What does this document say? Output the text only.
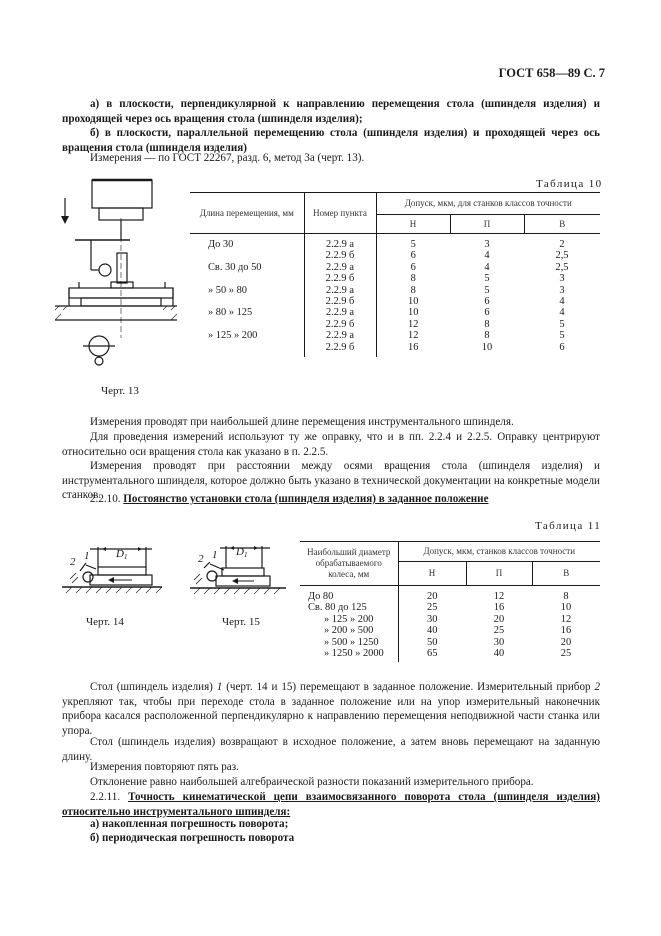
ГОСТ 658—89 С. 7

а) в плоскости, перпендикулярной к направлению перемещения стола (шпинделя изделия) и проходящей через ось вращения стола (шпинделя изделия);

б) в плоскости, параллельной перемещению стола (шпинделя изделия) и проходящей через ось вращения стола (шпинделя изделия)

Измерения — по ГОСТ 22267, разд. 6, метод 3а (черт. 13).

Черт. 13
Таблица 10
Длина перемещения, мм	Номер пункта	Допуск, мкм, для станков классов точности		
		Н	П	В
До 30	2.2.9 а	5	3	2
	2.2.9 б	6	4	2,5
Св. 30 до 50	2.2.9 а	6	4	2,5
	2.2.9 б	8	5	3
» 50 » 80	2.2.9 а	8	5	3
	2.2.9 б	10	6	4
» 80 » 125	2.2.9 а	10	6	4
	2.2.9 б	12	8	5
» 125 » 200	2.2.9 а	12	8	5
	2.2.9 б	16	10	6

Измерения проводят при наибольшей длине перемещения инструментального шпинделя.

Для проведения измерений используют ту же оправку, что и в пп. 2.2.4 и 2.2.5. Оправку центрируют относительно оси вращения стола как указано в п. 2.2.5.

Измерения проводят при расстоянии между осями вращения стола (шпинделя изделия) и инструментального шпинделя, которое должно быть указано в технической документации на конкретные модели станков.

2.2.10. Постоянство установки стола (шпинделя изделия) в заданное положение

Таблица 11
Наибольший диаметр обрабатываемого колеса, мм	Допуск, мкм, станков классов точности		
	Н	П	В
До 80	20	12	8
Св. 80 до 125	25	16	10
» 125 » 200	30	20	12
» 200 » 500	40	25	16
» 500 » 1250	50	30	20
» 1250 » 2000	65	40	25
1
2
D 1
Черт. 14
1
2
D 1
Черт. 15

Стол (шпиндель изделия) 1 (черт. 14 и 15) перемещают в заданное положение. Измерительный прибор 2 укрепляют так, чтобы при переходе стола в заданное положение или на упор измерительный наконечник прибора касался расположенной перпендикулярно к направлению перемещения неподвижной части станка или упора.

Стол (шпиндель изделия) возвращают в исходное положение, а затем вновь перемещают на заданную длину.

Измерения повторяют пять раз.

Отклонение равно наибольшей алгебраической разности показаний измерительного прибора.

2.2.11. Точность кинематической цепи взаимосвязанного поворота стола (шпинделя изделия) относительно инструментального шпинделя:

а) накопленная погрешность поворота;

б) периодическая погрешность поворота
